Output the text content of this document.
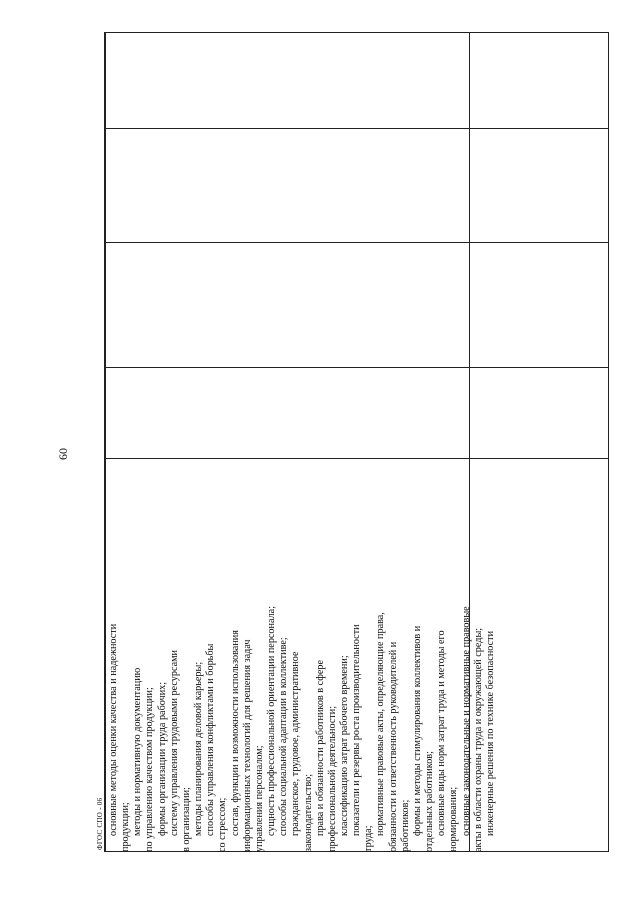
основные методы оценки качества и надежности продукции; методы и нормативную документацию по управлению качеством продукции; формы организации труда рабочих; систему управления трудовыми ресурсами в организации; методы планирования деловой карьеры; способы управления конфликтами и борьбы со стрессом; состав, функции и возможности использования информационных технологий для решения задач управления персоналом; сущность профессиональной ориентации персонала; способы социальной адаптации в коллективе; гражданское, трудовое, административное законодательство; права и обязанности работников в сфере профессиональной деятельности; классификацию затрат рабочего времени; показатели и резервы роста производительности
труда;
нормативные правовые акты, определяющие права, обязанности и ответственность руководителей и работников; формы и методы стимулирования коллективов и отдельных работников; основные виды норм затрат труда и методы его нормирования; основные законодательные и нормативные правовые акты в области охраны труда и окружающей среды; инженерные решения по технике безопасности
60
ФГОС СПО - 06
